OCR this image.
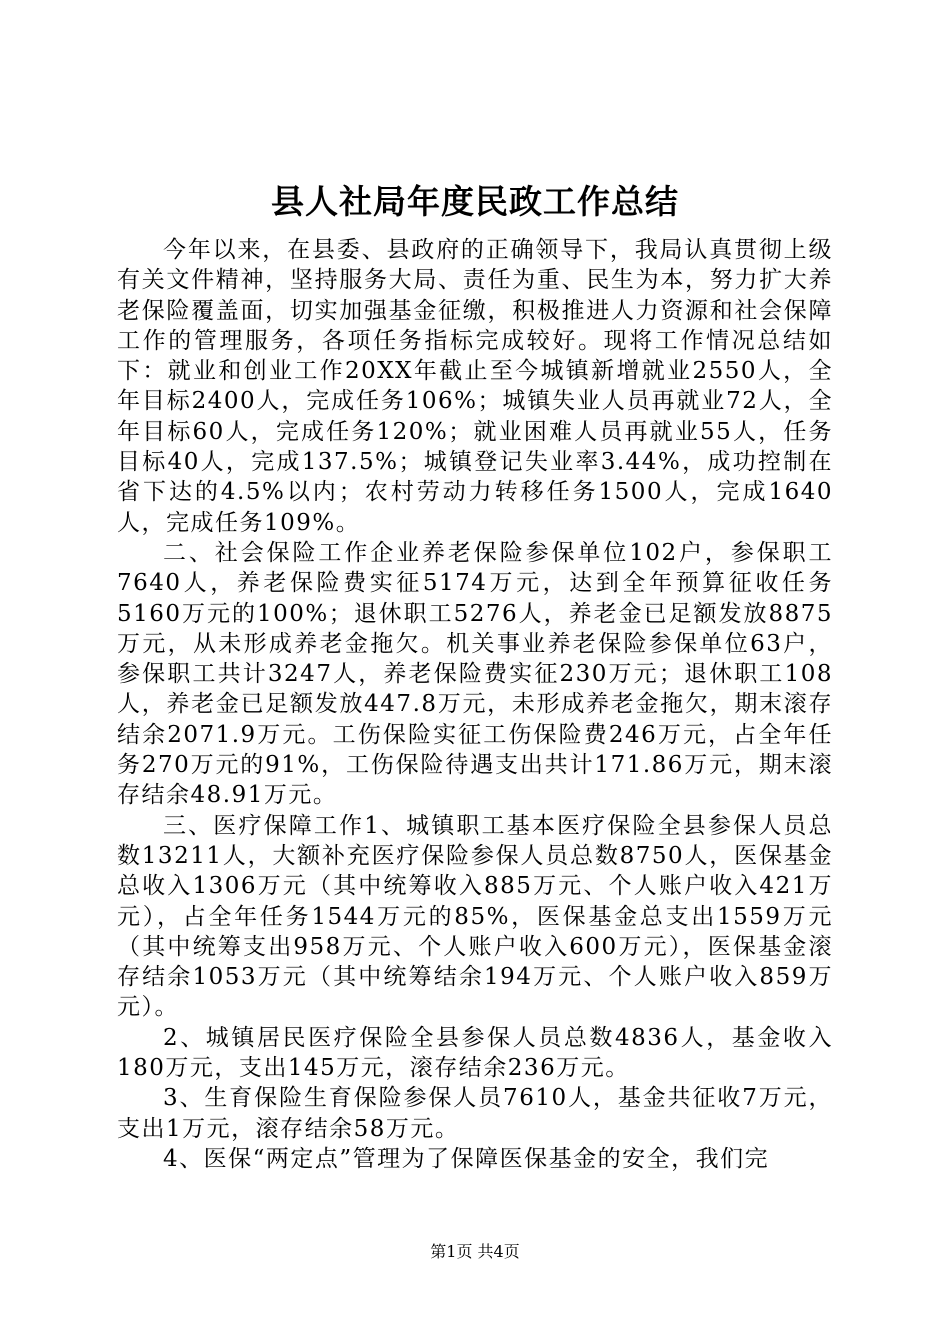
县人社局年度民政工作总结

今年以来，在县委、县政府的正确领导下，我局认真贯彻上级有关文件精神，坚持服务大局、责任为重、民生为本，努力扩大养老保险覆盖面，切实加强基金征缴，积极推进人力资源和社会保障工作的管理服务，各项任务指标完成较好。现将工作情况总结如下：就业和创业工作20XX年截止至今城镇新增就业2550人，全年目标2400人，完成任务106%；城镇失业人员再就业72人，全年目标60人，完成任务120%；就业困难人员再就业55人，任务目标40人，完成137.5%；城镇登记失业率3.44%，成功控制在省下达的4.5%以内；农村劳动力转移任务1500人，完成1640人，完成任务109%。

二、社会保险工作企业养老保险参保单位102户，参保职工7640人，养老保险费实征5174万元，达到全年预算征收任务5160万元的100%；退休职工5276人，养老金已足额发放8875万元，从未形成养老金拖欠。机关事业养老保险参保单位63户，参保职工共计3247人，养老保险费实征230万元；退休职工108人，养老金已足额发放447.8万元，未形成养老金拖欠，期末滚存结余2071.9万元。工伤保险实征工伤保险费246万元，占全年任务270万元的91%，工伤保险待遇支出共计171.86万元，期末滚存结余48.91万元。

三、医疗保障工作1、城镇职工基本医疗保险全县参保人员总数13211人，大额补充医疗保险参保人员总数8750人，医保基金总收入1306万元（其中统筹收入885万元、个人账户收入421万元），占全年任务1544万元的85%，医保基金总支出1559万元（其中统筹支出958万元、个人账户收入600万元），医保基金滚存结余1053万元（其中统筹结余194万元、个人账户收入859万元）。

2、城镇居民医疗保险全县参保人员总数4836人，基金收入180万元，支出145万元，滚存结余236万元。

3、生育保险生育保险参保人员7610人，基金共征收7万元，支出1万元，滚存结余58万元。

4、医保“两定点”管理为了保障医保基金的安全，我们完

第1页 共4页
